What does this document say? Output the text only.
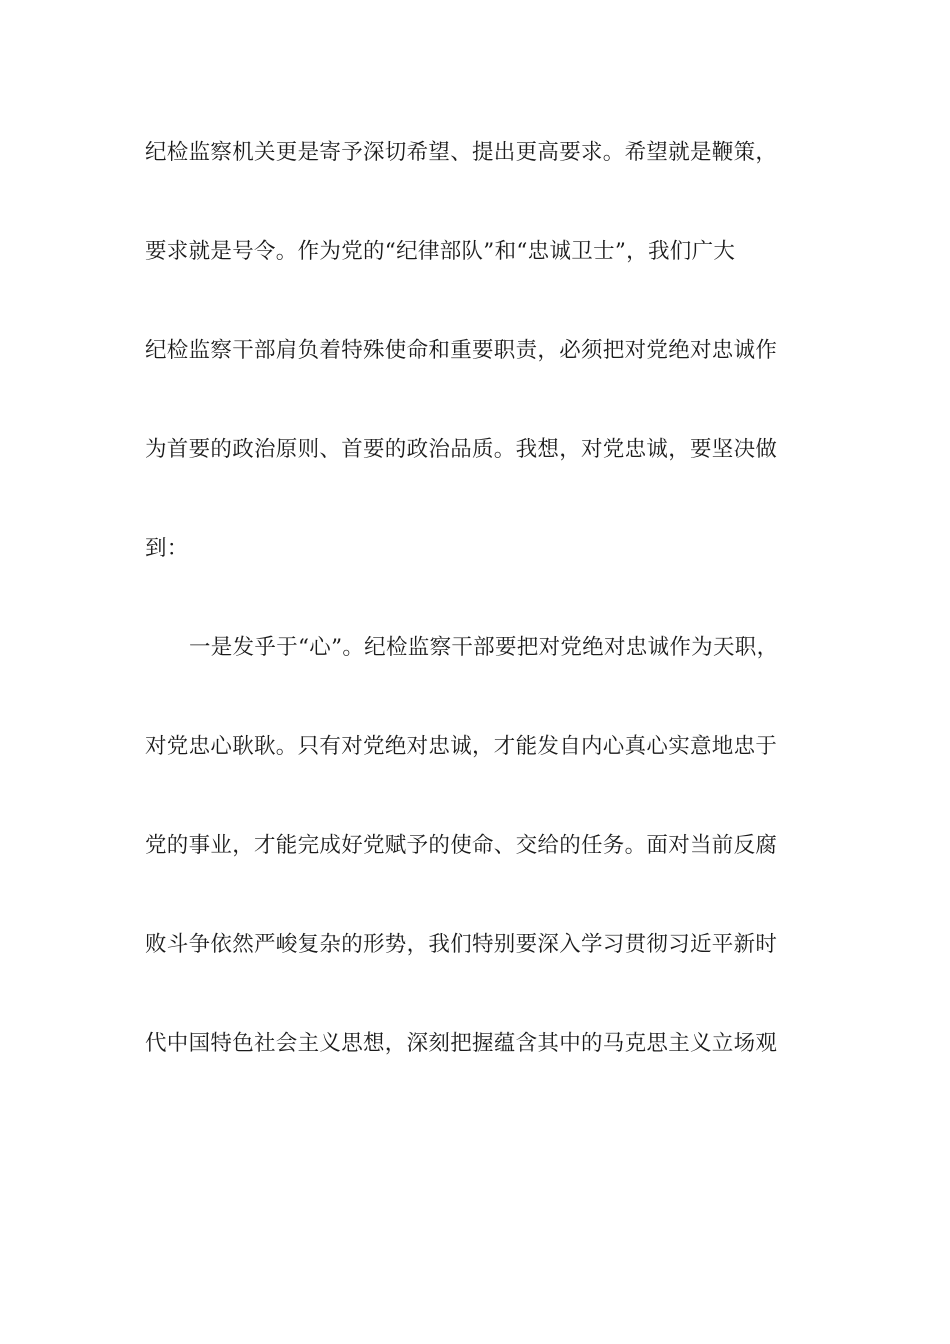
纪检监察机关更是寄予深切希望、提出更高要求。希望就是鞭策，
要求就是号令。作为党的“纪律部队”和“忠诚卫士”，我们广大
纪检监察干部肩负着特殊使命和重要职责，必须把对党绝对忠诚作
为首要的政治原则、首要的政治品质。我想，对党忠诚，要坚决做
到：
一是发乎于“心”。纪检监察干部要把对党绝对忠诚作为天职，
对党忠心耿耿。只有对党绝对忠诚，才能发自内心真心实意地忠于
党的事业，才能完成好党赋予的使命、交给的任务。面对当前反腐
败斗争依然严峻复杂的形势，我们特别要深入学习贯彻习近平新时
代中国特色社会主义思想，深刻把握蕴含其中的马克思主义立场观
